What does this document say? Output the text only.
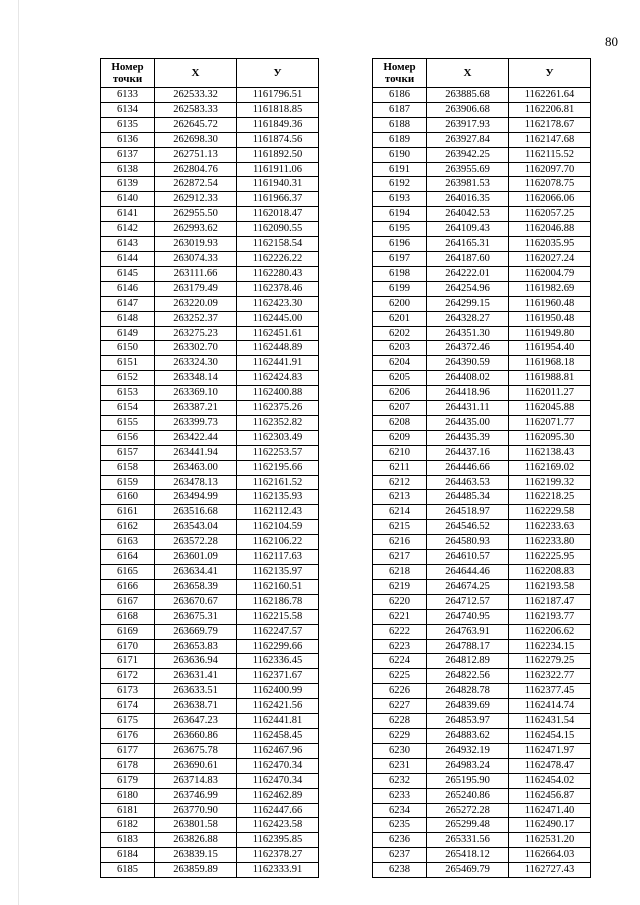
80
Номер
точки	X	У
6133	262533.32	1161796.51
6134	262583.33	1161818.85
6135	262645.72	1161849.36
6136	262698.30	1161874.56
6137	262751.13	1161892.50
6138	262804.76	1161911.06
6139	262872.54	1161940.31
6140	262912.33	1161966.37
6141	262955.50	1162018.47
6142	262993.62	1162090.55
6143	263019.93	1162158.54
6144	263074.33	1162226.22
6145	263111.66	1162280.43
6146	263179.49	1162378.46
6147	263220.09	1162423.30
6148	263252.37	1162445.00
6149	263275.23	1162451.61
6150	263302.70	1162448.89
6151	263324.30	1162441.91
6152	263348.14	1162424.83
6153	263369.10	1162400.88
6154	263387.21	1162375.26
6155	263399.73	1162352.82
6156	263422.44	1162303.49
6157	263441.94	1162253.57
6158	263463.00	1162195.66
6159	263478.13	1162161.52
6160	263494.99	1162135.93
6161	263516.68	1162112.43
6162	263543.04	1162104.59
6163	263572.28	1162106.22
6164	263601.09	1162117.63
6165	263634.41	1162135.97
6166	263658.39	1162160.51
6167	263670.67	1162186.78
6168	263675.31	1162215.58
6169	263669.79	1162247.57
6170	263653.83	1162299.66
6171	263636.94	1162336.45
6172	263631.41	1162371.67
6173	263633.51	1162400.99
6174	263638.71	1162421.56
6175	263647.23	1162441.81
6176	263660.86	1162458.45
6177	263675.78	1162467.96
6178	263690.61	1162470.34
6179	263714.83	1162470.34
6180	263746.99	1162462.89
6181	263770.90	1162447.66
6182	263801.58	1162423.58
6183	263826.88	1162395.85
6184	263839.15	1162378.27
6185	263859.89	1162333.91
Номер
точки	X	У
6186	263885.68	1162261.64
6187	263906.68	1162206.81
6188	263917.93	1162178.67
6189	263927.84	1162147.68
6190	263942.25	1162115.52
6191	263955.69	1162097.70
6192	263981.53	1162078.75
6193	264016.35	1162066.06
6194	264042.53	1162057.25
6195	264109.43	1162046.88
6196	264165.31	1162035.95
6197	264187.60	1162027.24
6198	264222.01	1162004.79
6199	264254.96	1161982.69
6200	264299.15	1161960.48
6201	264328.27	1161950.48
6202	264351.30	1161949.80
6203	264372.46	1161954.40
6204	264390.59	1161968.18
6205	264408.02	1161988.81
6206	264418.96	1162011.27
6207	264431.11	1162045.88
6208	264435.00	1162071.77
6209	264435.39	1162095.30
6210	264437.16	1162138.43
6211	264446.66	1162169.02
6212	264463.53	1162199.32
6213	264485.34	1162218.25
6214	264518.97	1162229.58
6215	264546.52	1162233.63
6216	264580.93	1162233.80
6217	264610.57	1162225.95
6218	264644.46	1162208.83
6219	264674.25	1162193.58
6220	264712.57	1162187.47
6221	264740.95	1162193.77
6222	264763.91	1162206.62
6223	264788.17	1162234.15
6224	264812.89	1162279.25
6225	264822.56	1162322.77
6226	264828.78	1162377.45
6227	264839.69	1162414.74
6228	264853.97	1162431.54
6229	264883.62	1162454.15
6230	264932.19	1162471.97
6231	264983.24	1162478.47
6232	265195.90	1162454.02
6233	265240.86	1162456.87
6234	265272.28	1162471.40
6235	265299.48	1162490.17
6236	265331.56	1162531.20
6237	265418.12	1162664.03
6238	265469.79	1162727.43
